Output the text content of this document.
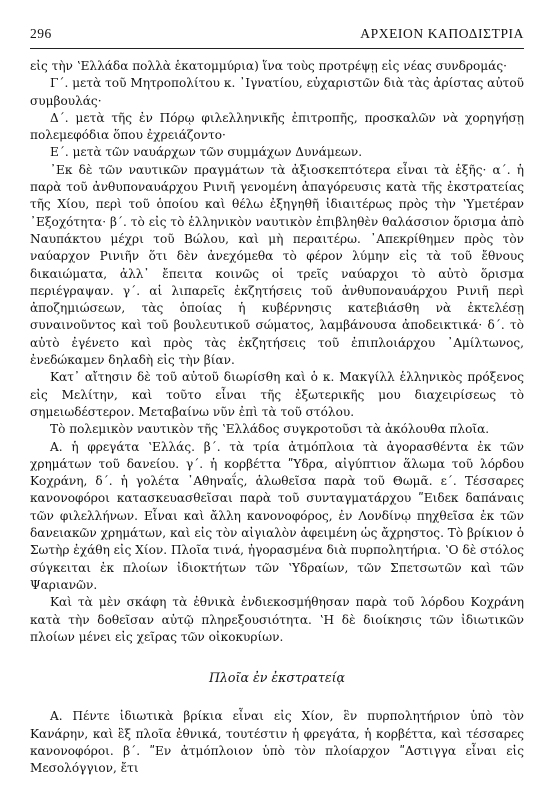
296	ΑΡΧΕΙΟΝ ΚΑΠΟΔΙΣΤΡΙΑ

εἰς τὴν ʽΕλλάδα πολλὰ ἑκατομμύρια) ἵνα τοὺς προτρέψῃ εἰς νέας συνδρομάς·

Γ΄. μετὰ τοῦ Μητροπολίτου κ. ᾿Ιγνατίου, εὐχαριστῶν διὰ τὰς ἀρίστας αὐτοῦ συμβουλάς·

Δ΄. μετὰ τῆς ἐν Πόρῳ φιλελληνικῆς ἐπιτροπῆς, προσκαλῶν νὰ χορηγήσῃ πολεμεφόδια ὅπου ἐχρειάζοντο·

Ε΄. μετὰ τῶν ναυάρχων τῶν συμμάχων Δυνάμεων.

᾿Εκ δὲ τῶν ναυτικῶν πραγμάτων τὰ ἀξιοσκεπτότερα εἶναι τὰ ἑξῆς· α΄. ἡ παρὰ τοῦ ἀνθυποναυάρχου Ρινιῆ γενομένη ἀπαγόρευσις κατὰ τῆς ἐκστρατείας τῆς Χίου, περὶ τοῦ ὁποίου καὶ θέλω ἐξηγηθῆ ἰδιαιτέρως πρὸς τὴν ʽΥμετέραν ᾿Εξοχότητα· β΄. τὸ εἰς τὸ ἑλληνικὸν ναυτικὸν ἐπιβληθὲν θαλάσσιον ὅρισμα ἀπὸ Ναυπάκτου μέχρι τοῦ Βώλου, καὶ μὴ περαιτέρω. ᾿Απεκρίθημεν πρὸς τὸν ναύαρχον Ρινιῆν ὅτι δὲν ἀνεχόμεθα τὸ φέρον λύμην εἰς τὰ τοῦ ἔθνους δικαιώματα, ἀλλ᾿ ἔπειτα κοινῶς οἱ τρεῖς ναύαρχοι τὸ αὐτὸ ὅρισμα περιέγραψαν. γ΄. αἱ λιπαρεῖς ἐκζητήσεις τοῦ ἀνθυποναυάρχου Ρινιῆ περὶ ἀποζημιώσεων, τὰς ὁποίας ἡ κυβέρνησις κατεβιάσθη νὰ ἐκτελέσῃ συναινοῦντος καὶ τοῦ βουλευτικοῦ σώματος, λαμβάνουσα ἀποδεικτικά· δ΄. τὸ αὐτὸ ἐγένετο καὶ πρὸς τὰς ἐκζητήσεις τοῦ ἐπιπλοιάρχου ᾿Αμίλτωνος, ἐνεδώκαμεν δηλαδὴ εἰς τὴν βίαν.

Κατ᾿ αἴτησιν δὲ τοῦ αὐτοῦ διωρίσθη καὶ ὁ κ. Μακγίλλ ἑλληνικὸς πρόξενος εἰς Μελίτην, καὶ τοῦτο εἶναι τῆς ἐξωτερικῆς μου διαχειρίσεως τὸ σημειωδέστερον. Μεταβαίνω νῦν ἐπὶ τὰ τοῦ στόλου.

Τὸ πολεμικὸν ναυτικὸν τῆς ʽΕλλάδος συγκροτοῦσι τὰ ἀκόλουθα πλοῖα.

Α. ἡ φρεγάτα ʽΕλλάς. β΄. τὰ τρία ἀτμόπλοια τὰ ἀγορασθέντα ἐκ τῶν χρημάτων τοῦ δανείου. γ΄. ἡ κορβέττα ʺΥδρα, αἰγύπτιον ἅλωμα τοῦ λόρδου Κοχράνη, δ΄. ἡ γολέτα ᾿Αθηναΐς, ἁλωθεῖσα παρὰ τοῦ Θωμᾶ. ε΄. Τέσσαρες κανονοφόροι κατασκευασθεῖσαι παρὰ τοῦ συνταγματάρχου ʺΕιδεκ δαπάναις τῶν φιλελλήνων. Εἶναι καὶ ἄλλη κανονοφόρος, ἐν Λονδίνῳ πηχθεῖσα ἐκ τῶν δανειακῶν χρημάτων, καὶ εἰς τὸν αἰγιαλὸν ἀφειμένη ὡς ἄχρηστος. Τὸ βρίκιον ὁ Σωτὴρ ἐχάθη εἰς Χίον. Πλοῖα τινά, ἠγορασμένα διὰ πυρπολητήρια. ʽΟ δὲ στόλος σύγκειται ἐκ πλοίων ἰδιοκτήτων τῶν ʽΥδραίων, τῶν Σπετσωτῶν καὶ τῶν Ψαριανῶν.

Καὶ τὰ μὲν σκάφη τὰ ἐθνικὰ ἐνδιεκοσμήθησαν παρὰ τοῦ λόρδου Κοχράνη κατὰ τὴν δοθεῖσαν αὐτῷ πληρεξουσιότητα. ʽΗ δὲ διοίκησις τῶν ἰδιωτικῶν πλοίων μένει εἰς χεῖρας τῶν οἰκοκυρίων.

Πλοῖα ἐν ἐκστρατείᾳ

Α. Πέντε ἰδιωτικὰ βρίκια εἶναι εἰς Χίον, ἓν πυρπολητήριον ὑπὸ τὸν Κανάρην, καὶ ἓξ πλοῖα ἐθνικά, τουτέστιν ἡ φρεγάτα, ἡ κορβέττα, καὶ τέσσαρες κανονοφόροι. β΄. ʺΕν ἀτμόπλοιον ὑπὸ τὸν πλοίαρχον ʺΑστιγγα εἶναι εἰς Μεσολόγγιον, ἔτι
